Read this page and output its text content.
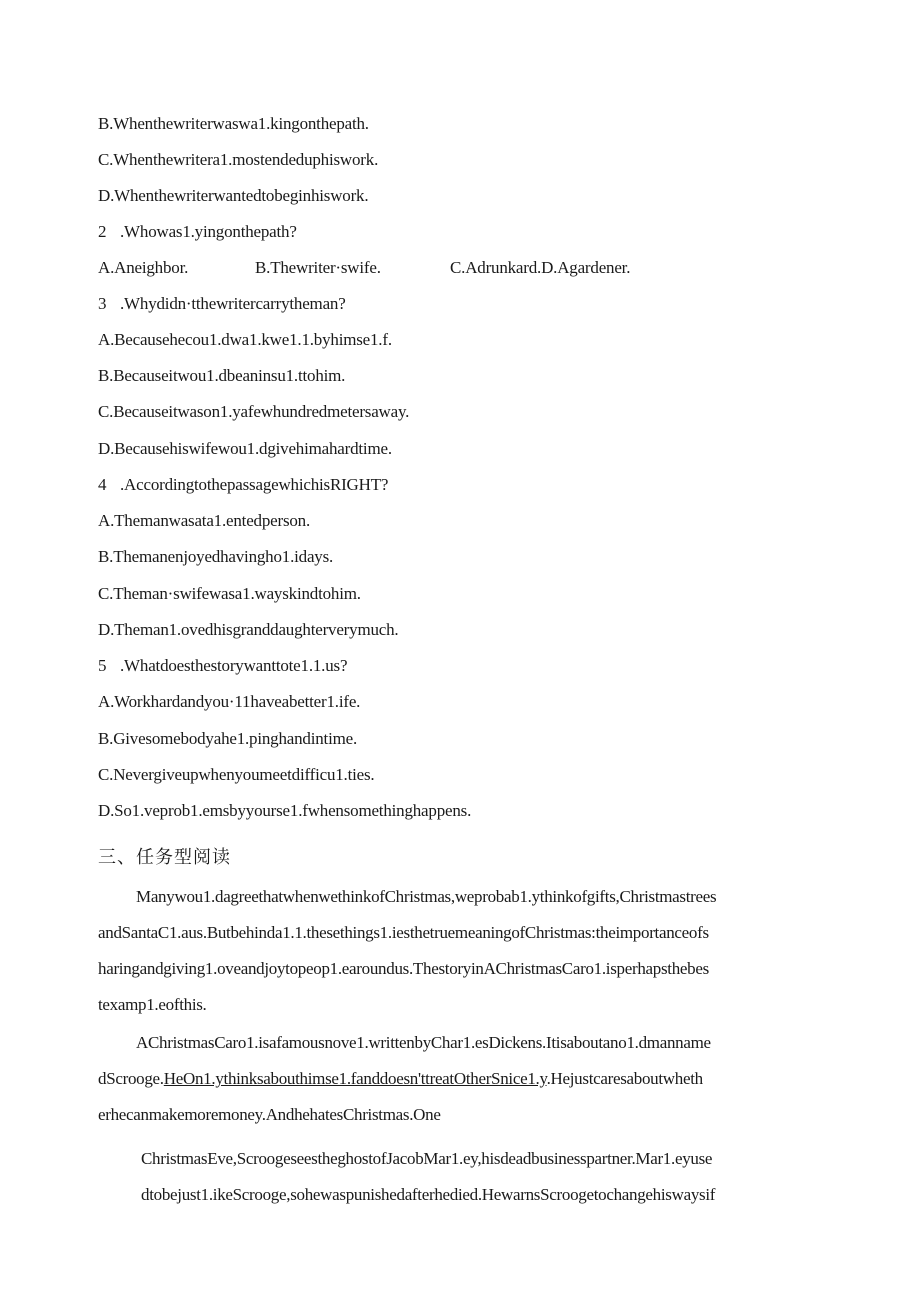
B.Whenthewriterwaswa1.kingonthepath.
C.Whenthewritera1.mostendeduphiswork.
D.Whenthewriterwantedtobeginhiswork.
2 .Whowas1.yingonthepath?
A.Aneighbor.	B.Thewriter·swife.	C.Adrunkard.D.Agardener.
3 .Whydidn·tthewritercarrytheman?
A.Becausehecou1.dwa1.kwe1.1.byhimse1.f.
B.Becauseitwou1.dbeaninsu1.ttohim.
C.Becauseitwason1.yafewhundredmetersaway.
D.Becausehiswifewou1.dgivehimahardtime.
4 .AccordingtothepassagewhichisRIGHT?
A.Themanwasata1.entedperson.
B.Themanenjoyedhavingho1.idays.
C.Theman·swifewasa1.wayskindtohim.
D.Theman1.ovedhisgranddaughterverymuch.
5 .Whatdoesthestorywanttote1.1.us?
A.Workhardandyou·11haveabetter1.ife.
B.Givesomebodyahe1.pinghandintime.
C.Nevergiveupwhenyoumeetdifficu1.ties.
D.So1.veprob1.emsbyyourse1.fwhensomethinghappens.
三、任务型阅读
Manywou1.dagreethatwhenwethinkofChristmas,weprobab1.ythinkofgifts,Christmastrees
andSantaC1.aus.Butbehinda1.1.thesethings1.iesthetruemeaningofChristmas:theimportanceofs
haringandgiving1.oveandjoytopeop1.earoundus.ThestoryinAChristmasCaro1.isperhapsthebes
texamp1.eofthis.
AChristmasCaro1.isafamousnove1.writtenbyChar1.esDickens.Itisaboutano1.dmanname
dScrooge.HeOn1.ythinksabouthimse1.fanddoesn'ttreatOtherSnice1.y.Hejustcaresaboutwheth
erhecanmakemoremoney.AndhehatesChristmas.One
ChristmasEve,ScroogeseestheghostofJacobMar1.ey,hisdeadbusinesspartner.Mar1.eyuse
dtobejust1.ikeScrooge,sohewaspunishedafterhedied.HewarnsScroogetochangehiswaysif
